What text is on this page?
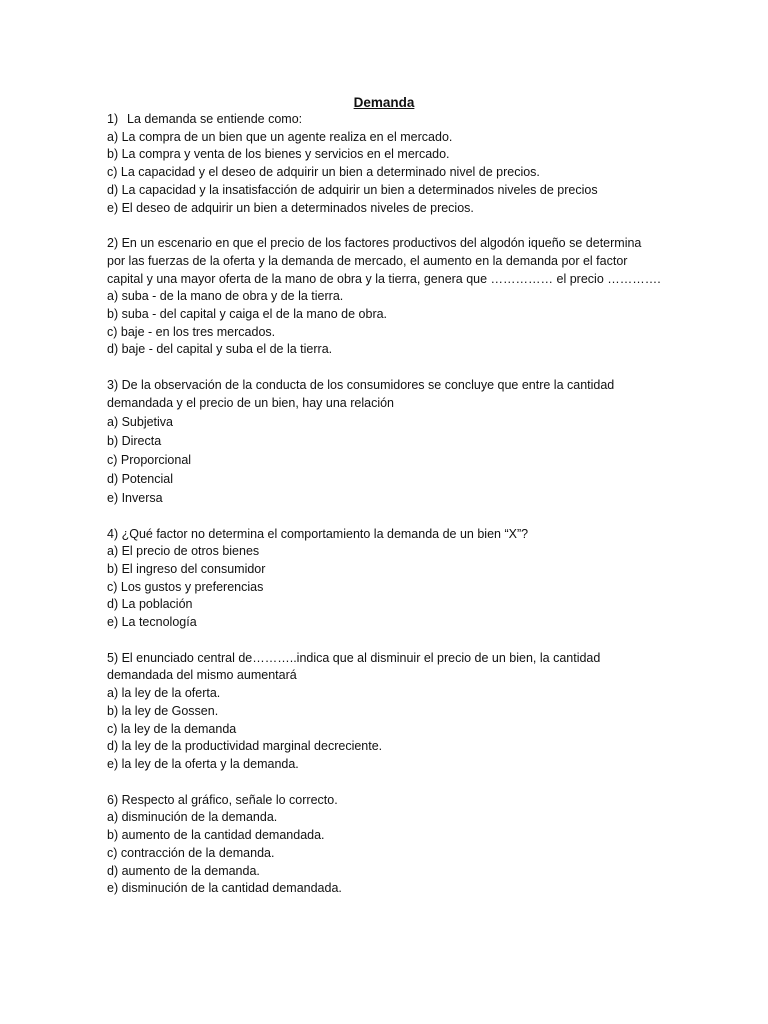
Demanda
1) La demanda se entiende como:
a) La compra de un bien que un agente realiza en el mercado.
b) La compra y venta de los bienes y servicios en el mercado.
c) La capacidad y el deseo de adquirir un bien a determinado nivel de precios.
d) La capacidad y la insatisfacción de adquirir un bien a determinados niveles de precios
e) El deseo de adquirir un bien a determinados niveles de precios.
2) En un escenario en que el precio de los factores productivos del algodón iqueño se determina
por las fuerzas de la oferta y la demanda de mercado, el aumento en la demanda por el factor
capital y una mayor oferta de la mano de obra y la tierra, genera que …………… el precio ………….
a) suba - de la mano de obra y de la tierra.
b) suba - del capital y caiga el de la mano de obra.
c) baje - en los tres mercados.
d) baje - del capital y suba el de la tierra.
3) De la observación de la conducta de los consumidores se concluye que entre la cantidad
demandada y el precio de un bien, hay una relación
a) Subjetiva
b) Directa
c) Proporcional
d) Potencial
e) Inversa
4) ¿Qué factor no determina el comportamiento la demanda de un bien “X”?
a) El precio de otros bienes
b) El ingreso del consumidor
c) Los gustos y preferencias
d) La población
e) La tecnología
5) El enunciado central de………..indica que al disminuir el precio de un bien, la cantidad
demandada del mismo aumentará
a) la ley de la oferta.
b) la ley de Gossen.
c) la ley de la demanda
d) la ley de la productividad marginal decreciente.
e) la ley de la oferta y la demanda.
6) Respecto al gráfico, señale lo correcto.
a) disminución de la demanda.
b) aumento de la cantidad demandada.
c) contracción de la demanda.
d) aumento de la demanda.
e) disminución de la cantidad demandada.
